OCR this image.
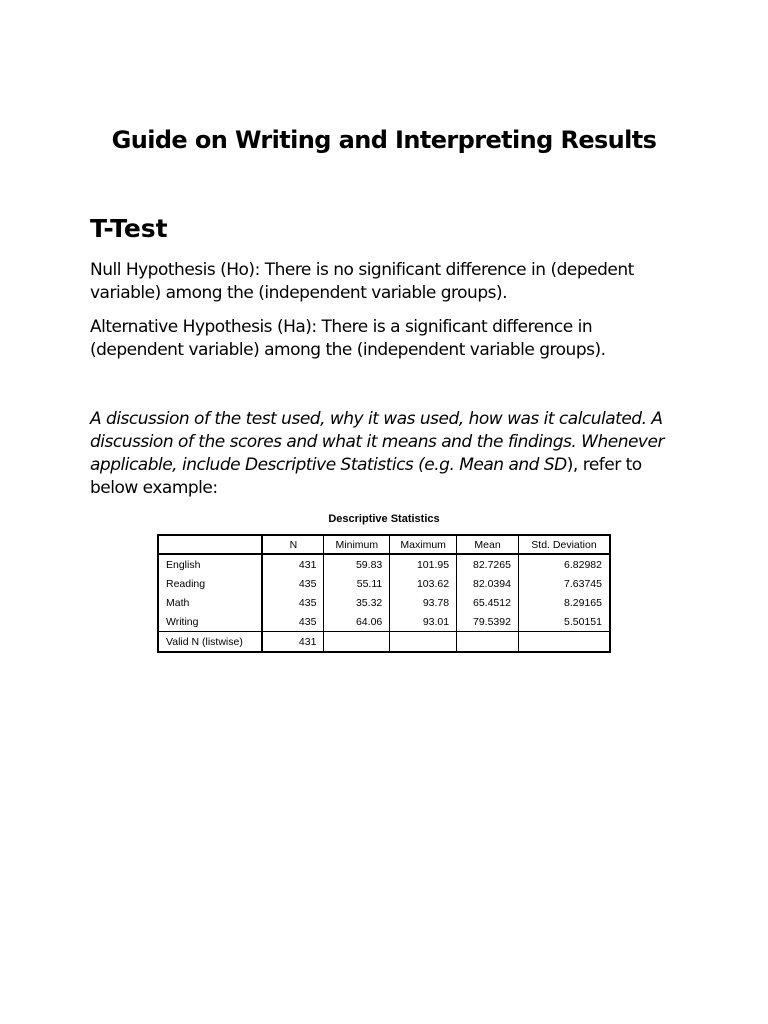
Guide on Writing and Interpreting Results
T-Test

Null Hypothesis (Ho): There is no significant difference in (depedent variable) among the (independent variable groups).

Alternative Hypothesis (Ha): There is a significant difference in (dependent variable) among the (independent variable groups).

A discussion of the test used, why it was used, how was it calculated. A discussion of the scores and what it means and the findings. Whenever applicable, include Descriptive Statistics (e.g. Mean and SD), refer to below example:

Descriptive Statistics

	N	Minimum	Maximum	Mean	Std. Deviation
English	431	59.83	101.95	82.7265	6.82982
Reading	435	55.11	103.62	82.0394	7.63745
Math	435	35.32	93.78	65.4512	8.29165
Writing	435	64.06	93.01	79.5392	5.50151
Valid N (listwise)	431				
